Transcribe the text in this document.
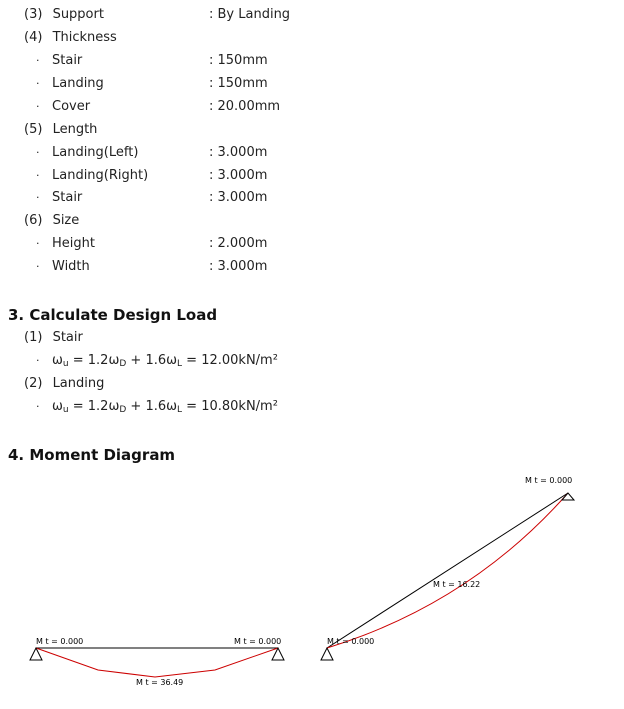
(3) Support	: By Landing
(4) Thickness
· Stair	: 150mm
· Landing	: 150mm
· Cover	: 20.00mm
(5) Length
· Landing(Left)	: 3.000m
· Landing(Right)	: 3.000m
· Stair	: 3.000m
(6) Size
· Height	: 2.000m
· Width	: 3.000m
3. Calculate Design Load
(1) Stair
· $\omega_u = 1.2\omega_D + 1.6\omega_L = 12.00kN/m^2$
(2) Landing
· $\omega_u = 1.2\omega_D + 1.6\omega_L = 10.80kN/m^2$
4. Moment Diagram
M t = 0.000	M t = 0.000
M t = 36.49
M t = 0.000
M t = 0.000
M t = 16.22
